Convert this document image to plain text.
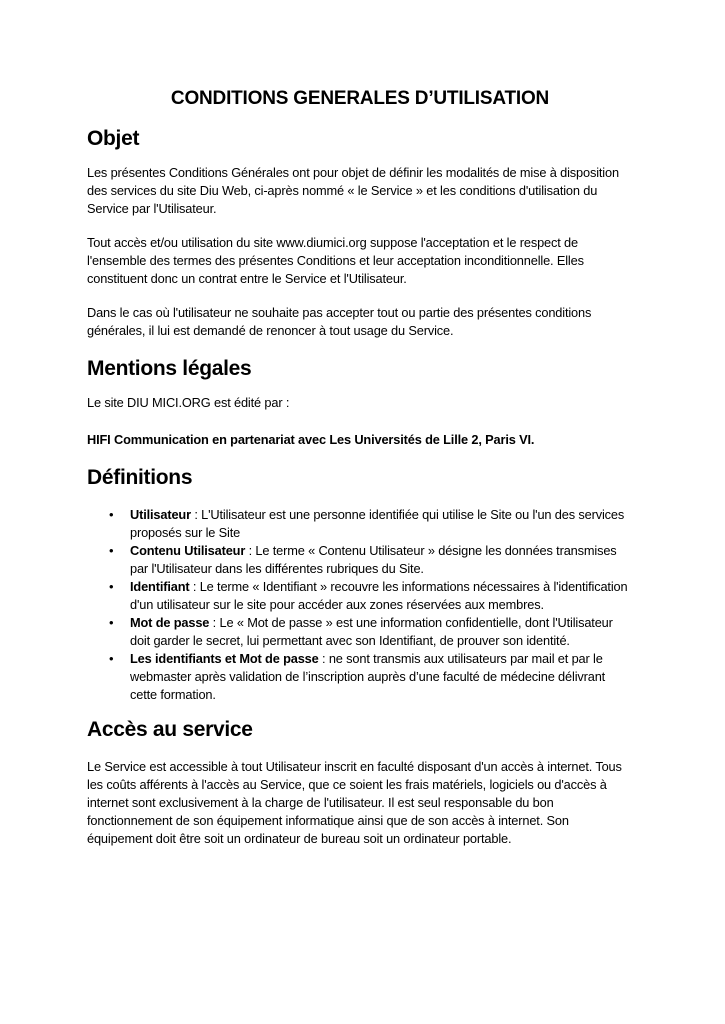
CONDITIONS GENERALES D’UTILISATION
Objet

Les présentes Conditions Générales ont pour objet de définir les modalités de mise à disposition des services du site Diu Web, ci-après nommé « le Service » et les conditions d'utilisation du Service par l'Utilisateur.

Tout accès et/ou utilisation du site www.diumici.org suppose l'acceptation et le respect de l'ensemble des termes des présentes Conditions et leur acceptation inconditionnelle. Elles constituent donc un contrat entre le Service et l'Utilisateur.

Dans le cas où l'utilisateur ne souhaite pas accepter tout ou partie des présentes conditions générales, il lui est demandé de renoncer à tout usage du Service.

Mentions légales

Le site DIU MICI.ORG est édité par :

HIFI Communication en partenariat avec Les Universités de Lille 2, Paris VI.

Définitions
• Utilisateur : L'Utilisateur est une personne identifiée qui utilise le Site ou l'un des services proposés sur le Site
• Contenu Utilisateur : Le terme « Contenu Utilisateur » désigne les données transmises par l'Utilisateur dans les différentes rubriques du Site.
• Identifiant : Le terme « Identifiant » recouvre les informations nécessaires à l'identification d'un utilisateur sur le site pour accéder aux zones réservées aux membres.
• Mot de passe : Le « Mot de passe » est une information confidentielle, dont l'Utilisateur doit garder le secret, lui permettant avec son Identifiant, de prouver son identité.
• Les identifiants et Mot de passe : ne sont transmis aux utilisateurs par mail et par le webmaster après validation de l’inscription auprès d’une faculté de médecine délivrant cette formation.
Accès au service

Le Service est accessible à tout Utilisateur inscrit en faculté disposant d'un accès à internet. Tous les coûts afférents à l'accès au Service, que ce soient les frais matériels, logiciels ou d'accès à internet sont exclusivement à la charge de l'utilisateur. Il est seul responsable du bon fonctionnement de son équipement informatique ainsi que de son accès à internet. Son équipement doit être soit un ordinateur de bureau soit un ordinateur portable.
